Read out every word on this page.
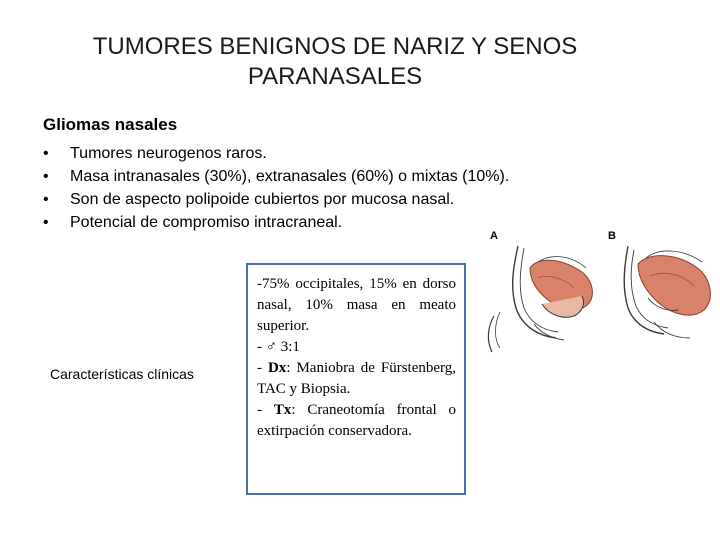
TUMORES BENIGNOS DE NARIZ Y SENOS
PARANASALES
Gliomas nasales
•	Tumores neurogenos raros.
•	Masa intranasales (30%), extranasales (60%) o mixtas (10%).
•	Son de aspecto polipoide cubiertos por mucosa nasal.
•	Potencial de compromiso intracraneal.
Características clínicas

-75% occipitales, 15% en dorso nasal, 10% masa en meato superior.

- ♂ 3:1

- Dx: Maniobra de Fürstenberg, TAC y Biopsia.

- Tx: Craneotomía frontal o extirpación conservadora.

A	B
